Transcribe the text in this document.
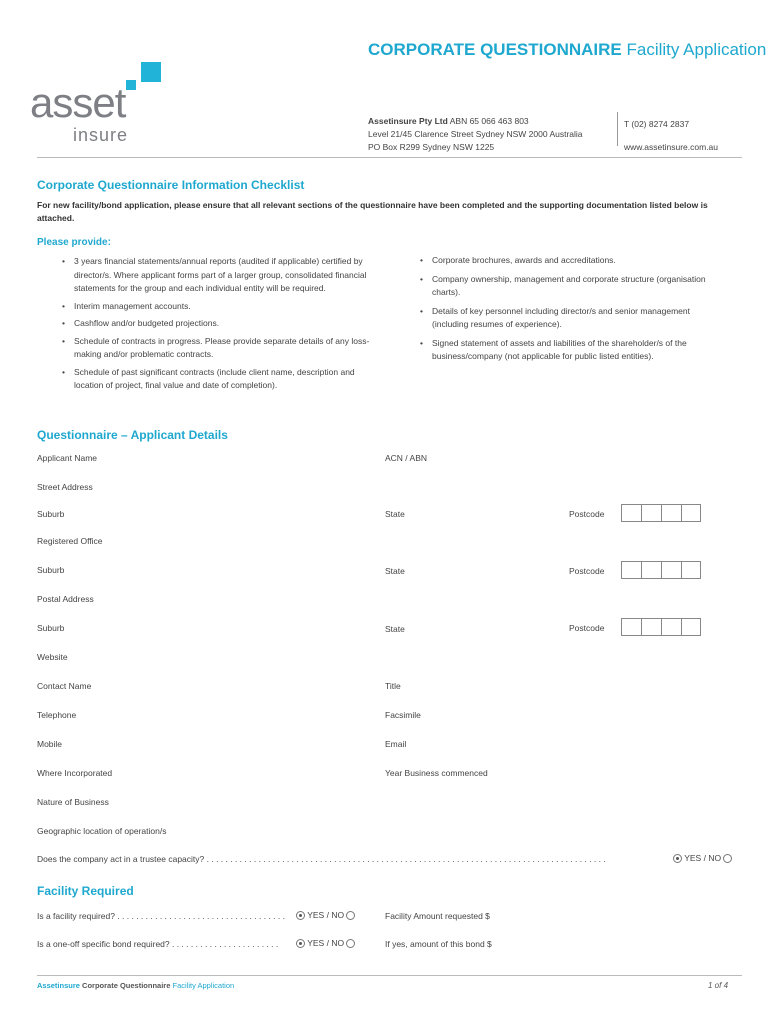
CORPORATE QUESTIONNAIRE Facility Application
asset
insure
Assetinsure Pty Ltd ABN 65 066 463 803
Level 21/45 Clarence Street Sydney NSW 2000 Australia
PO Box R299 Sydney NSW 1225
T (02) 8274 2837
www.assetinsure.com.au
Corporate Questionnaire Information Checklist
For new facility/bond application, please ensure that all relevant sections of the questionnaire have been completed and the supporting documentation listed below is attached.
Please provide:
• 3 years financial statements/annual reports (audited if applicable) certified by director/s. Where applicant forms part of a larger group, consolidated financial statements for the group and each individual entity will be required.
• Interim management accounts.
• Cashflow and/or budgeted projections.
• Schedule of contracts in progress. Please provide separate details of any loss-making and/or problematic contracts.
• Schedule of past significant contracts (include client name, description and location of project, final value and date of completion).
• Corporate brochures, awards and accreditations.
• Company ownership, management and corporate structure (organisation charts).
• Details of key personnel including director/s and senior management (including resumes of experience).
• Signed statement of assets and liabilities of the shareholder/s of the business/company (not applicable for public listed entities).
Questionnaire – Applicant Details
Applicant Name	ACN / ABN
Street Address
Suburb	State	Postcode
Registered Office
Suburb	State	Postcode
Postal Address
Suburb	State	Postcode
Website
Contact Name	Title
Telephone	Facsimile
Mobile	Email
Where Incorporated	Year Business commenced
Nature of Business
Geographic location of operation/s
Does the company act in a trustee capacity? . . . . . . . . . . . . . . . . . . . . . . . . . . . . . . . . . . . . . . . . . . . . . . . . . . . . . . . . . . . . . . . . . . . . . . . . . . . . . . . . . . . . .	YES / NO
Facility Required
Is a facility required? . . . . . . . . . . . . . . . . . . . . . . . . . . . . . . . . . . . .	YES / NO	Facility Amount requested $
Is a one-off specific bond required? . . . . . . . . . . . . . . . . . . . . . . .	YES / NO	If yes, amount of this bond $
Assetinsure Corporate Questionnaire Facility Application	1 of 4
